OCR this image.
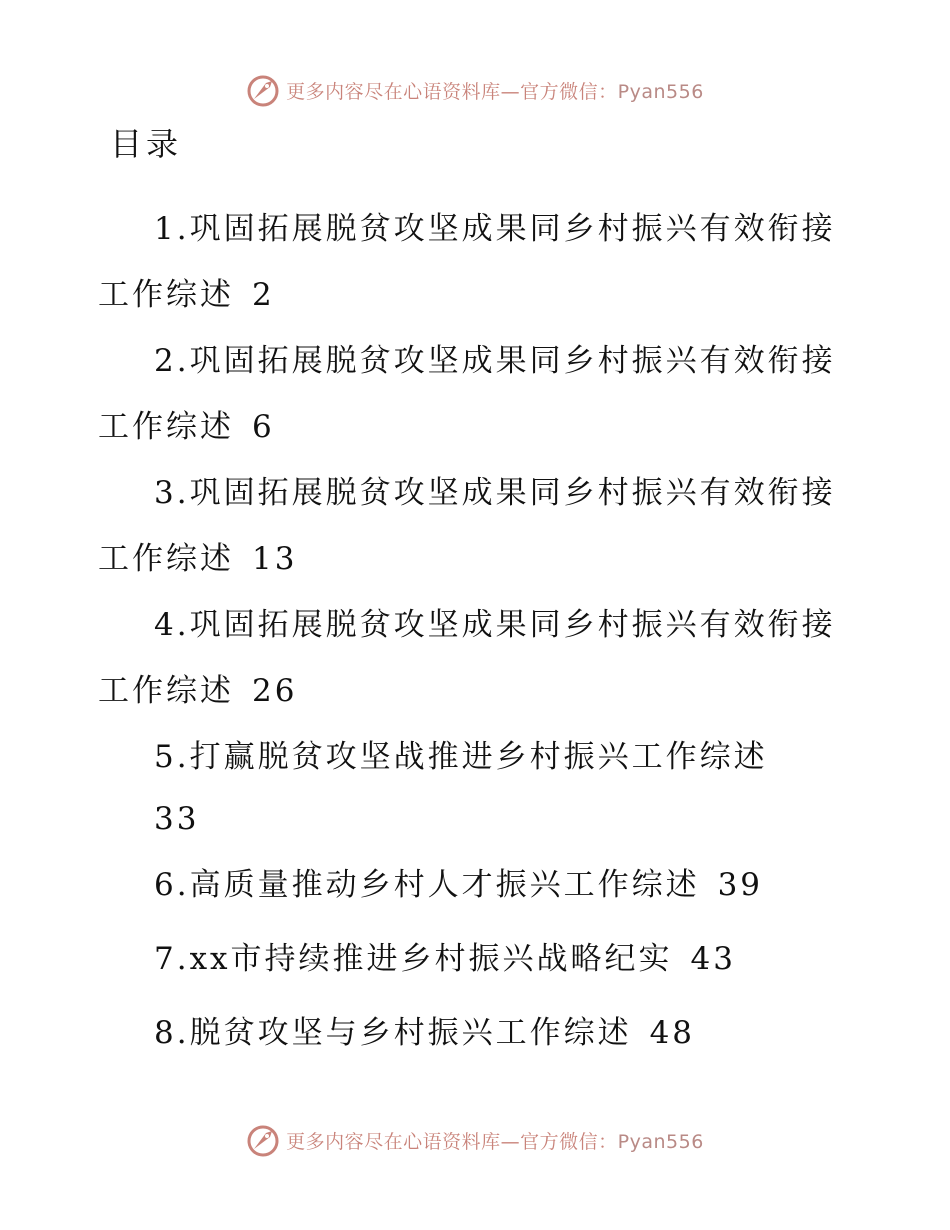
更多内容尽在心语资料库—官方微信：Pyan556
目录
1.巩固拓展脱贫攻坚成果同乡村振兴有效衔接工作综述 2
2.巩固拓展脱贫攻坚成果同乡村振兴有效衔接工作综述 6
3.巩固拓展脱贫攻坚成果同乡村振兴有效衔接工作综述 13
4.巩固拓展脱贫攻坚成果同乡村振兴有效衔接工作综述 26
5.打赢脱贫攻坚战推进乡村振兴工作综述
33
6.高质量推动乡村人才振兴工作综述 39
7.xx市持续推进乡村振兴战略纪实 43
8.脱贫攻坚与乡村振兴工作综述 48
更多内容尽在心语资料库—官方微信：Pyan556
